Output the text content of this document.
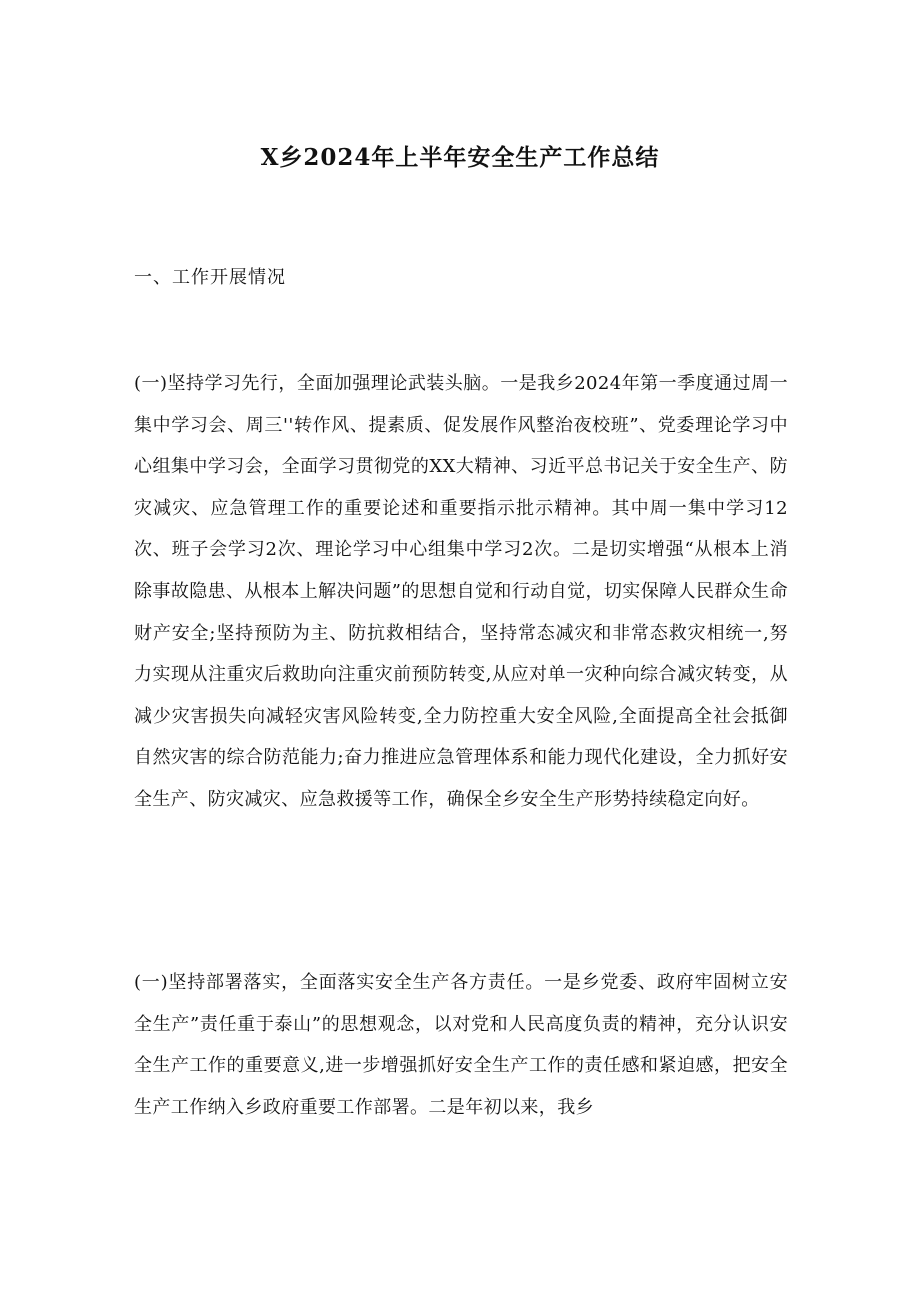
X乡2024年上半年安全生产工作总结
一、工作开展情况
(一)坚持学习先行，全面加强理论武装头脑。一是我乡2024年第一季度通过周一集中学习会、周三''转作风、提素质、促发展作风整治夜校班”、党委理论学习中心组集中学习会，全面学习贯彻党的XX大精神、习近平总书记关于安全生产、防灾减灾、应急管理工作的重要论述和重要指示批示精神。其中周一集中学习12次、班子会学习2次、理论学习中心组集中学习2次。二是切实增强“从根本上消除事故隐患、从根本上解决问题”的思想自觉和行动自觉，切实保障人民群众生命财产安全;坚持预防为主、防抗救相结合，坚持常态减灾和非常态救灾相统一,努力实现从注重灾后救助向注重灾前预防转变,从应对单一灾种向综合减灾转变，从减少灾害损失向减轻灾害风险转变,全力防控重大安全风险,全面提高全社会抵御自然灾害的综合防范能力;奋力推进应急管理体系和能力现代化建设，全力抓好安全生产、防灾减灾、应急救援等工作，确保全乡安全生产形势持续稳定向好。
(一)坚持部署落实，全面落实安全生产各方责任。一是乡党委、政府牢固树立安全生产”责任重于泰山”的思想观念，以对党和人民高度负责的精神，充分认识安全生产工作的重要意义,进一步增强抓好安全生产工作的责任感和紧迫感，把安全生产工作纳入乡政府重要工作部署。二是年初以来，我乡
